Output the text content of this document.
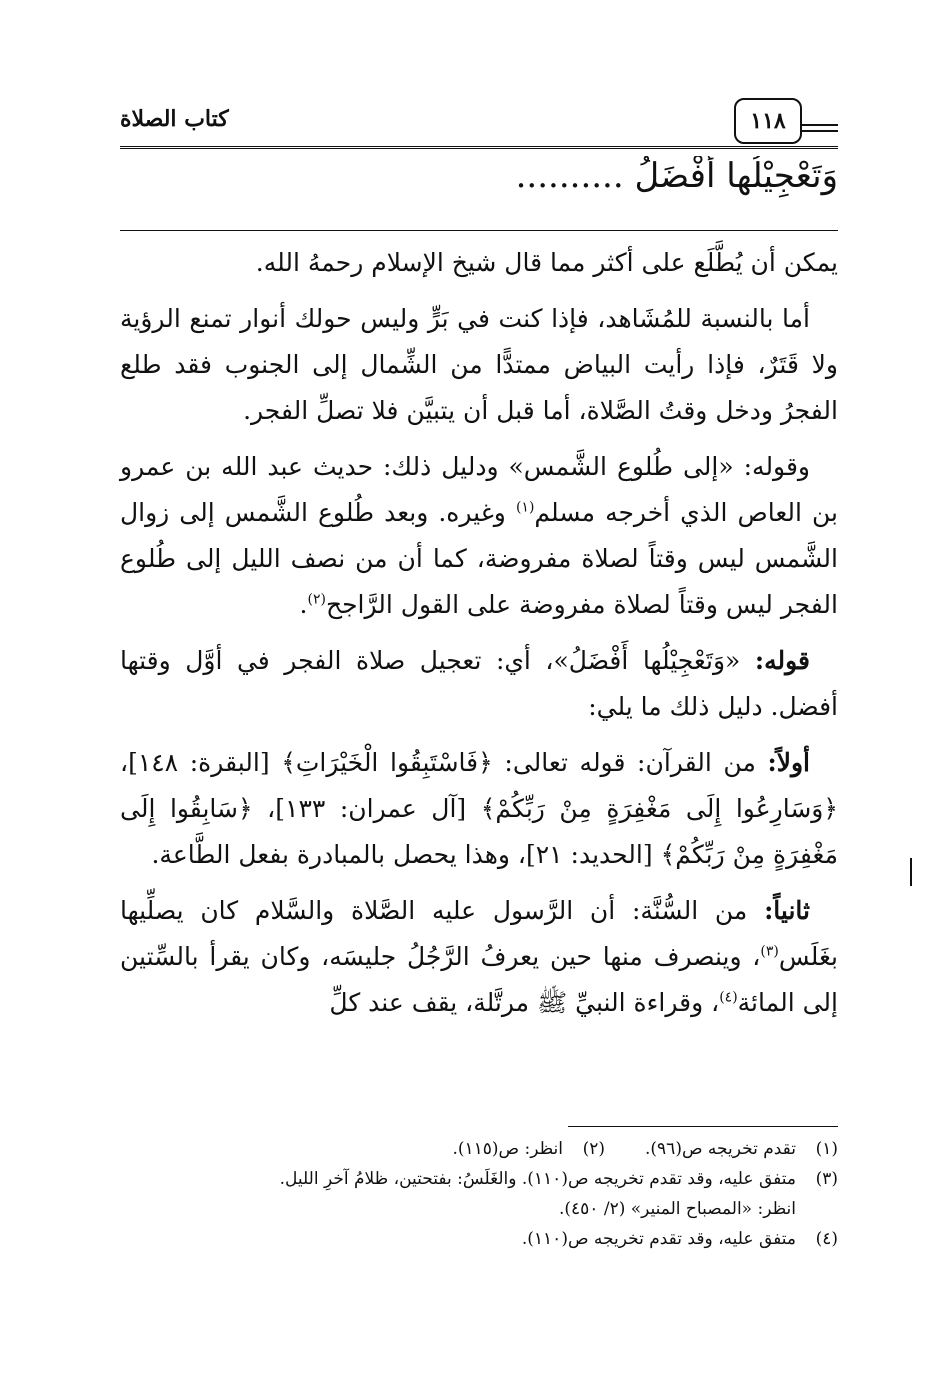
كتاب الصلاة	١١٨
وَتَعْجِيْلُها أَفْضَلُ ..........

يمكن أن يُطَّلَع على أكثر مما قال شيخ الإسلام رحمهُ الله.

أما بالنسبة للمُشَاهد، فإذا كنت في بَرٍّ وليس حولك أنوار تمنع الرؤية ولا قَتَرٌ، فإذا رأيت البياض ممتدًّا من الشِّمال إلى الجنوب فقد طلع الفجرُ ودخل وقتُ الصَّلاة، أما قبل أن يتبيَّن فلا تصلِّ الفجر.

وقوله: «إلى طُلوع الشَّمس» ودليل ذلك: حديث عبد الله بن عمرو بن العاص الذي أخرجه مسلم$^{(١)}$ وغيره. وبعد طُلوع الشَّمس إلى زوال الشَّمس ليس وقتاً لصلاة مفروضة، كما أن من نصف الليل إلى طُلوع الفجر ليس وقتاً لصلاة مفروضة على القول الرَّاجح$^{(٢)}$.

قوله: «وَتَعْجِيْلُها أَفْضَلُ»، أي: تعجيل صلاة الفجر في أوَّل وقتها أفضل. دليل ذلك ما يلي:

أولاً: من القرآن: قوله تعالى: ﴿فَاسْتَبِقُوا الْخَيْرَاتِ﴾ [البقرة: ١٤٨]، ﴿وَسَارِعُوا إِلَى مَغْفِرَةٍ مِنْ رَبِّكُمْ﴾ [آل عمران: ١٣٣]، ﴿سَابِقُوا إِلَى مَغْفِرَةٍ مِنْ رَبِّكُمْ﴾ [الحديد: ٢١]، وهذا يحصل بالمبادرة بفعل الطَّاعة.

ثانياً: من السُّنَّة: أن الرَّسول عليه الصَّلاة والسَّلام كان يصلِّيها بغَلَس$^{(٣)}$، وينصرف منها حين يعرفُ الرَّجُلُ جليسَه، وكان يقرأ بالسِّتين إلى المائة$^{(٤)}$، وقراءة النبيِّ ﷺ مرتَّلة، يقف عند كلِّ

(١)
تقدم تخريجه ص(٩٦).
(٢)
انظر: ص(١١٥).
(٣)
متفق عليه، وقد تقدم تخريجه ص(١١٠). والغَلَسُ: بفتحتين، ظلامُ آخرِ الليل.
انظر: «المصباح المنير» (٢/ ٤٥٠).
(٤)
متفق عليه، وقد تقدم تخريجه ص(١١٠).
